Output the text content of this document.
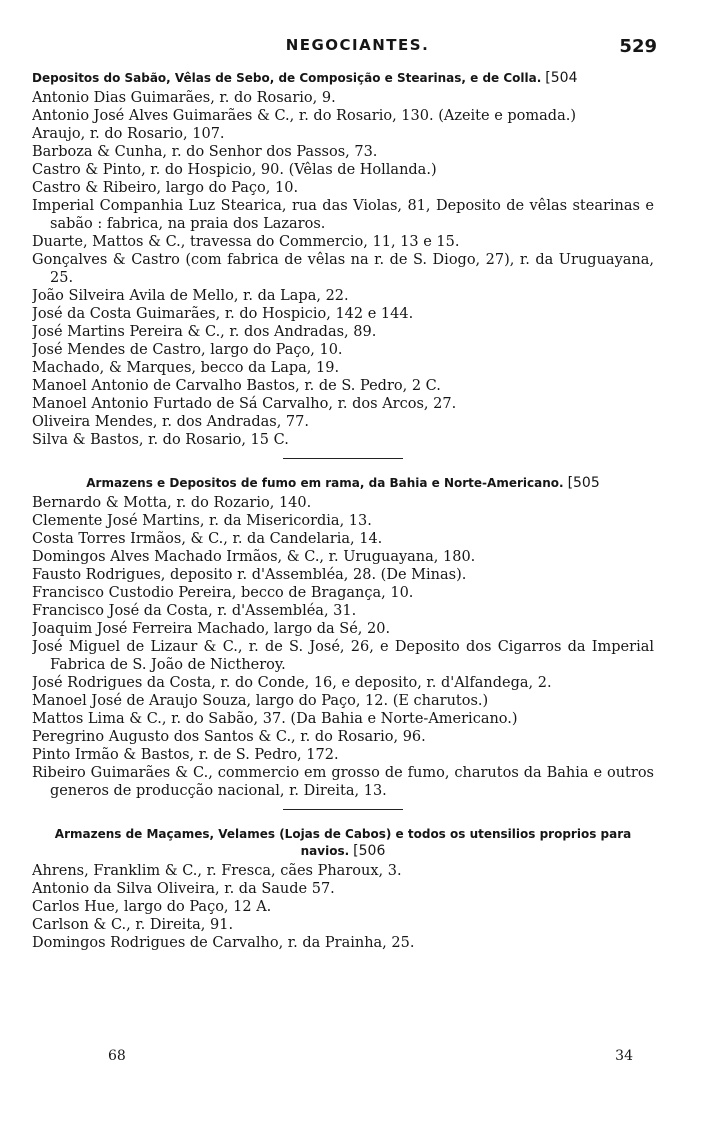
NEGOCIANTES.	529
Depositos do Sabão, Vêlas de Sebo, de Composição e Stearinas, e de Colla. [504
Antonio Dias Guimarães, r. do Rosario, 9.
Antonio José Alves Guimarães & C., r. do Rosario, 130. (Azeite e pomada.)
Araujo, r. do Rosario, 107.
Barboza & Cunha, r. do Senhor dos Passos, 73.
Castro & Pinto, r. do Hospicio, 90. (Vêlas de Hollanda.)
Castro & Ribeiro, largo do Paço, 10.
Imperial Companhia Luz Stearica, rua das Violas, 81, Deposito de vêlas stearinas e sabão : fabrica, na praia dos Lazaros.
Duarte, Mattos & C., travessa do Commercio, 11, 13 e 15.
Gonçalves & Castro (com fabrica de vêlas na r. de S. Diogo, 27), r. da Uruguayana, 25.
João Silveira Avila de Mello, r. da Lapa, 22.
José da Costa Guimarães, r. do Hospicio, 142 e 144.
José Martins Pereira & C., r. dos Andradas, 89.
José Mendes de Castro, largo do Paço, 10.
Machado, & Marques, becco da Lapa, 19.
Manoel Antonio de Carvalho Bastos, r. de S. Pedro, 2 C.
Manoel Antonio Furtado de Sá Carvalho, r. dos Arcos, 27.
Oliveira Mendes, r. dos Andradas, 77.
Silva & Bastos, r. do Rosario, 15 C.
Armazens e Depositos de fumo em rama, da Bahia e Norte-Americano. [505
Bernardo & Motta, r. do Rozario, 140.
Clemente José Martins, r. da Misericordia, 13.
Costa Torres Irmãos, & C., r. da Candelaria, 14.
Domingos Alves Machado Irmãos, & C., r. Uruguayana, 180.
Fausto Rodrigues, deposito r. d'Assembléa, 28. (De Minas).
Francisco Custodio Pereira, becco de Bragança, 10.
Francisco José da Costa, r. d'Assembléa, 31.
Joaquim José Ferreira Machado, largo da Sé, 20.
José Miguel de Lizaur & C., r. de S. José, 26, e Deposito dos Cigarros da Imperial Fabrica de S. João de Nictheroy.
José Rodrigues da Costa, r. do Conde, 16, e deposito, r. d'Alfandega, 2.
Manoel José de Araujo Souza, largo do Paço, 12. (E charutos.)
Mattos Lima & C., r. do Sabão, 37. (Da Bahia e Norte-Americano.)
Peregrino Augusto dos Santos & C., r. do Rosario, 96.
Pinto Irmão & Bastos, r. de S. Pedro, 172.
Ribeiro Guimarães & C., commercio em grosso de fumo, charutos da Bahia e outros generos de producção nacional, r. Direita, 13.
Armazens de Maçames, Velames (Lojas de Cabos) e todos os utensilios proprios para navios. [506
Ahrens, Franklim & C., r. Fresca, cães Pharoux, 3.
Antonio da Silva Oliveira, r. da Saude 57.
Carlos Hue, largo do Paço, 12 A.
Carlson & C., r. Direita, 91.
Domingos Rodrigues de Carvalho, r. da Prainha, 25.
68	34
